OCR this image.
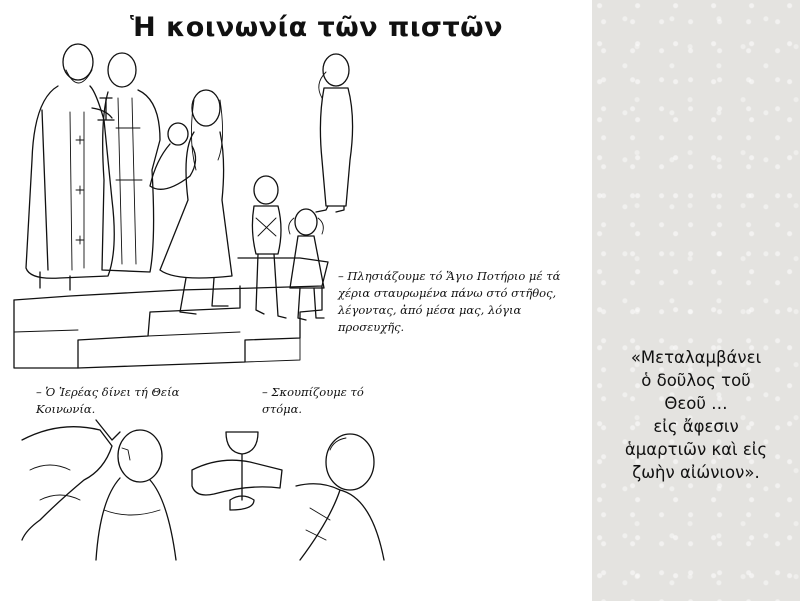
Ἡ κοινωνία τῶν πιστῶν
– Πλησιάζουμε τό Ἅγιο Ποτήριο μέ τά χέρια σταυρωμένα πάνω στό στῆθος, λέγοντας, ἀπό μέσα μας, λόγια προσευχῆς.
– Ὁ Ἱερέας δίνει τή Θεία Κοινωνία.
– Σκουπίζουμε τό στόμα.
«Μεταλαμβάνει
ὁ δοῦλος τοῦ
Θεοῦ …
εἰς ἄφεσιν
ἁμαρτιῶν καὶ εἰς
ζωὴν αἰώνιον».
